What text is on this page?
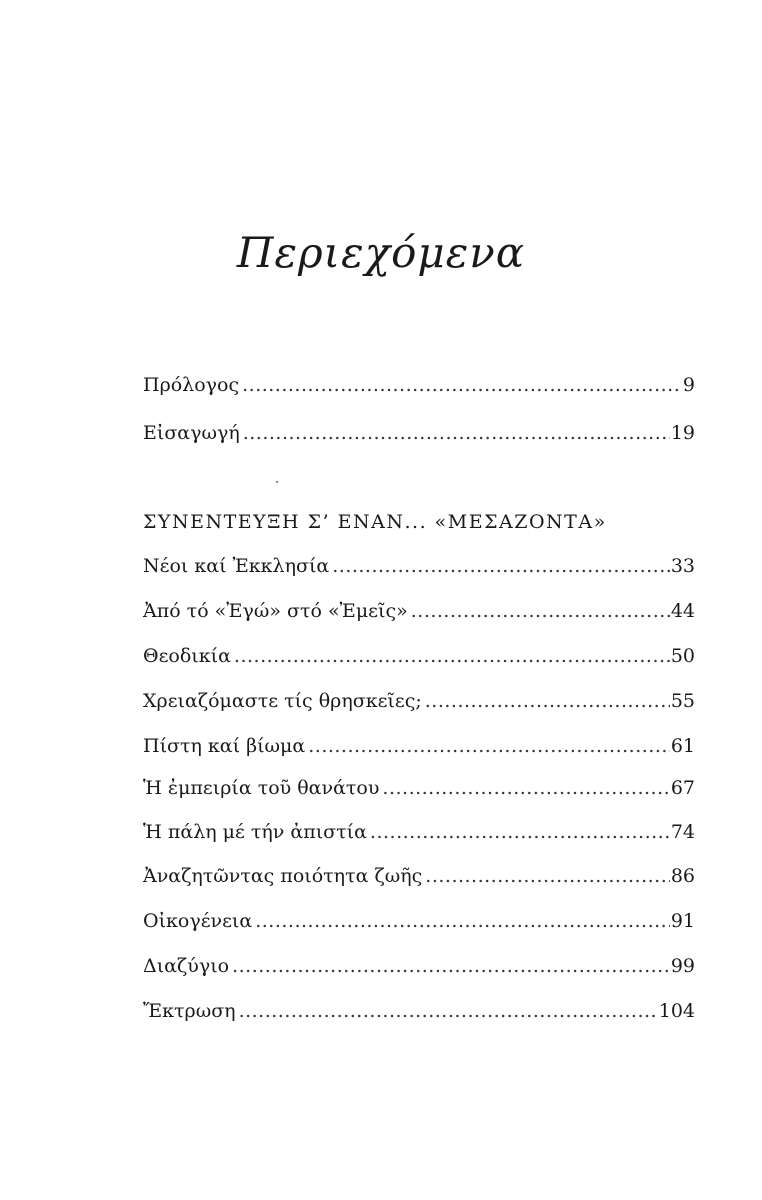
Περιεχόμενα
Πρόλογος .....	9
Εἰσαγωγή .....	19
ΣΥΝΕΝΤΕΥΞΗ Σ’ ΕΝΑΝ... «ΜΕΣΑΖΟΝΤΑ»
Νέοι καί Ἐκκλησία .....	33
Ἀπό τό «Ἐγώ» στό «Ἐμεῖς» .....	44
Θεοδικία .....	50
Χρειαζόμαστε τίς θρησκεῖες; .....	55
Πίστη καί βίωμα .....	61
Ἡ ἐμπειρία τοῦ θανάτου .....	67
Ἡ πάλη μέ τήν ἀπιστία .....	74
Ἀναζητῶντας ποιότητα ζωῆς .....	86
Οἰκογένεια .....	91
Διαζύγιο .....	99
Ἔκτρωση .....	104
